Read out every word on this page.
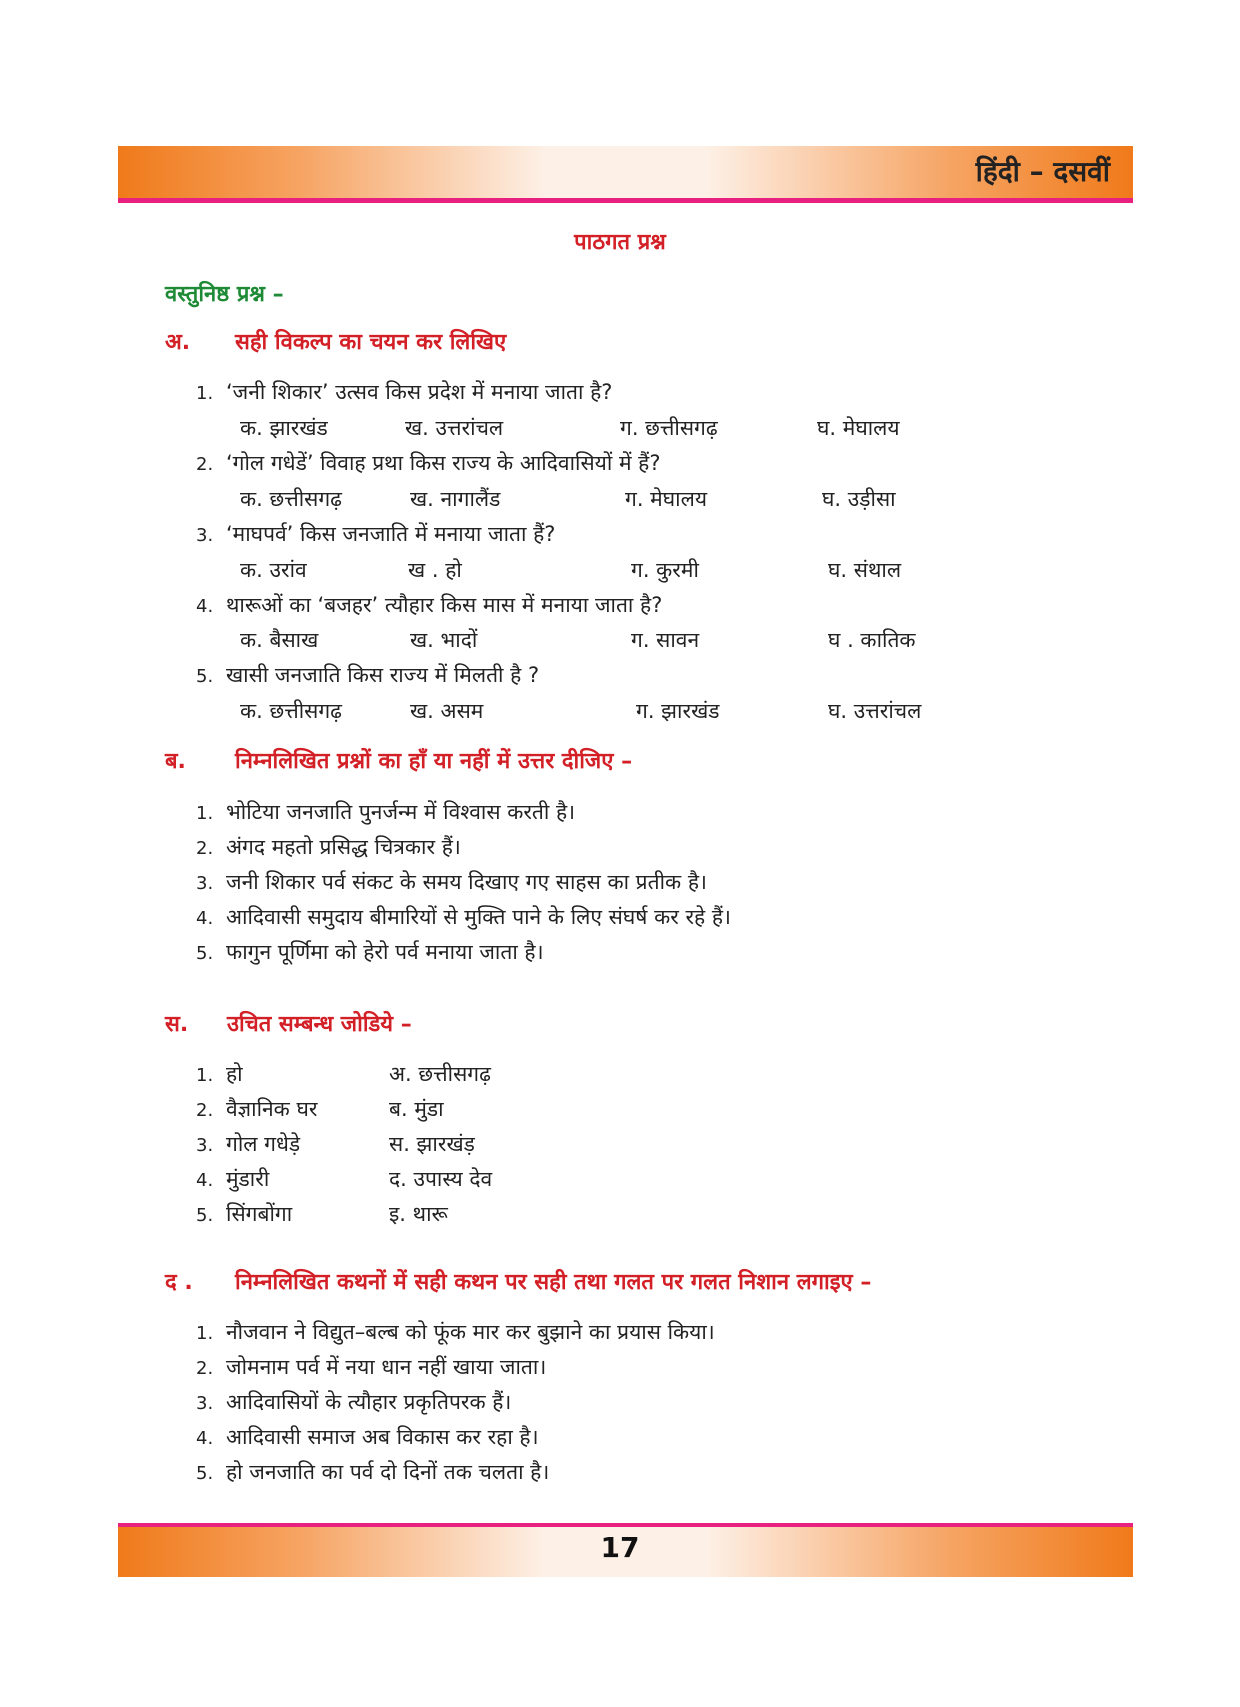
हिंदी – दसवीं
पाठगत प्रश्न
वस्तुनिष्ठ प्रश्न –
अ. सही विकल्प का चयन कर लिखिए
1. ‘जनी शिकार’ उत्सव किस प्रदेश में मनाया जाता है?
क. झारखंड	ख. उत्तरांचल	ग. छत्तीसगढ़	घ. मेघालय
2. ‘गोल गधेडें’ विवाह प्रथा किस राज्य के आदिवासियों में हैं?
क. छत्तीसगढ़	ख. नागालैंड	ग. मेघालय	घ. उड़ीसा
3. ‘माघपर्व’ किस जनजाति में मनाया जाता हैं?
क. उरांव	ख . हो	ग. कुरमी	घ. संथाल
4. थारूओं का ‘बजहर’ त्यौहार किस मास में मनाया जाता है?
क. बैसाख	ख. भादों	ग. सावन	घ . कातिक
5. खासी जनजाति किस राज्य में मिलती है ?
क. छत्तीसगढ़	ख. असम	ग. झारखंड	घ. उत्तरांचल
ब. निम्नलिखित प्रश्नों का हाँ या नहीं में उत्तर दीजिए –
1. भोटिया जनजाति पुनर्जन्म में विश्वास करती है।
2. अंगद महतो प्रसिद्ध चित्रकार हैं।
3. जनी शिकार पर्व संकट के समय दिखाए गए साहस का प्रतीक है।
4. आदिवासी समुदाय बीमारियों से मुक्ति पाने के लिए संघर्ष कर रहे हैं।
5. फागुन पूर्णिमा को हेरो पर्व मनाया जाता है।
स. उचित सम्बन्ध जोडिये –
1. हो	अ. छत्तीसगढ़
2. वैज्ञानिक घर	ब. मुंडा
3. गोल गधेड़े	स. झारखंड़
4. मुंडारी	द. उपास्य देव
5. सिंगबोंगा	इ. थारू
द . निम्नलिखित कथनों में सही कथन पर सही तथा गलत पर गलत निशान लगाइए –
1. नौजवान ने विद्युत–बल्ब को फूंक मार कर बुझाने का प्रयास किया।
2. जोमनाम पर्व में नया धान नहीं खाया जाता।
3. आदिवासियों के त्यौहार प्रकृतिपरक हैं।
4. आदिवासी समाज अब विकास कर रहा है।
5. हो जनजाति का पर्व दो दिनों तक चलता है।
17
